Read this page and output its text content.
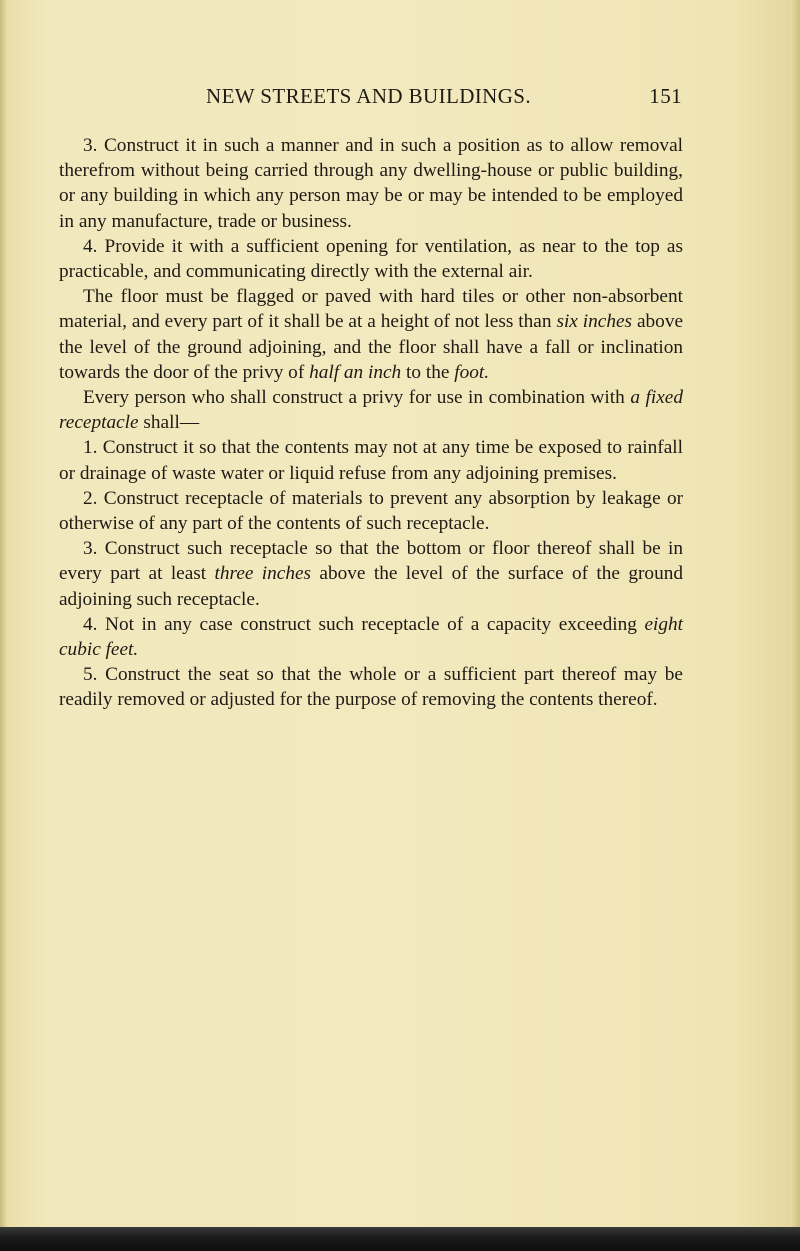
NEW STREETS AND BUILDINGS.	151

3. Construct it in such a manner and in such a position as to allow removal therefrom without being carried through any dwelling-house or public building, or any building in which any person may be or may be intended to be employed in any manufacture, trade or business.

4. Provide it with a sufficient opening for ventilation, as near to the top as practicable, and communicating directly with the external air.

The floor must be flagged or paved with hard tiles or other non-absorbent material, and every part of it shall be at a height of not less than six inches above the level of the ground adjoining, and the floor shall have a fall or inclination towards the door of the privy of half an inch to the foot.

Every person who shall construct a privy for use in combination with a fixed receptacle shall—

1. Construct it so that the contents may not at any time be exposed to rainfall or drainage of waste water or liquid refuse from any adjoining premises.

2. Construct receptacle of materials to prevent any absorption by leakage or otherwise of any part of the contents of such receptacle.

3. Construct such receptacle so that the bottom or floor thereof shall be in every part at least three inches above the level of the surface of the ground adjoining such receptacle.

4. Not in any case construct such receptacle of a capacity exceeding eight cubic feet.

5. Construct the seat so that the whole or a sufficient part thereof may be readily removed or adjusted for the purpose of removing the contents thereof.
